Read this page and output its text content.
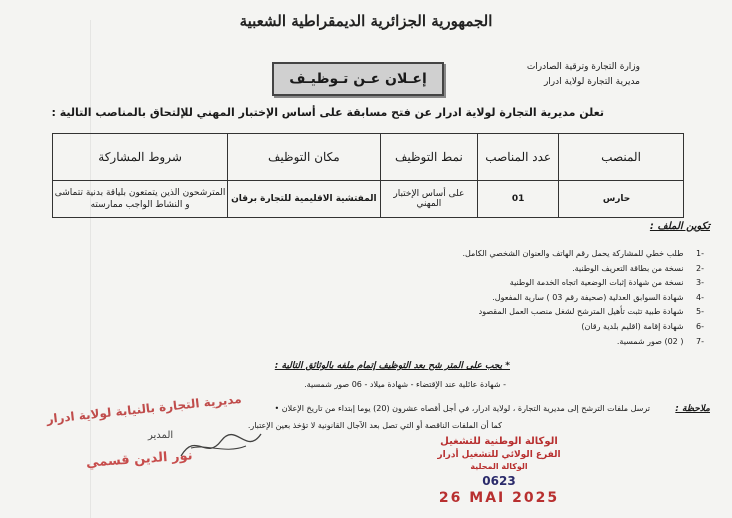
الجمهورية الجزائرية الديمقراطية الشعبية
وزارة التجارة وترقية الصادرات
مديرية التجارة لولاية ادرار
إعـلان عـن تـوظيـف
تعلن مديرية التجارة لولاية ادرار عن فتح مسابقة على أساس الإختبار المهني للإلتحاق بالمناصب التالية :
المنصب	عدد المناصب	نمط التوظيف	مكان التوظيف	شروط المشاركة
حارس	01	على أساس الإختبار المهني	المفتشية الاقليمية للتجارة برقان	المترشحون الذين يتمتعون بلياقة بدنية تتماشى و النشاط الواجب ممارسته
تكوين الملف :
-1 طلب خطي للمشاركة يحمل رقم الهاتف والعنوان الشخصي الكامل.
-2 نسخة من بطاقة التعريف الوطنية.
-3 نسخة من شهادة إثبات الوضعية اتجاه الخدمة الوطنية
-4 شهادة السوابق العدلية (صحيفة رقم 03 ) سارية المفعول.
-5 شهادة طبية تثبت تأهيل المترشح لشغل منصب العمل المقصود
-6 شهادة إقامة (اقليم بلدية رقان)
-7 ( 02) صور شمسية.
* يجب على المتر شح بعد التوظيف إتمام ملفه بالوثائق التالية :
- شهادة عائلية عند الإقتضاء - شهادة ميلاد - 06 صور شمسية.
ملاحظة :
ترسل ملفات الترشح إلى مديرية التجارة ، لولاية ادرار، في أجل أقصاه عشرون (20) يوما إبتداء من تاريخ الإعلان •
كما أن الملفات الناقصة أو التي تصل بعد الآجال القانونية لا تؤخذ بعين الإعتبار.
مديرية التجارة بالنيابة لولاية ادرار
المدير
نور الدين قسمي
الوكالة الوطنية للتشغيل
الفرع الولائي للتشغيل أدرار
الوكالة المحلية
0623
26 MAI 2025
